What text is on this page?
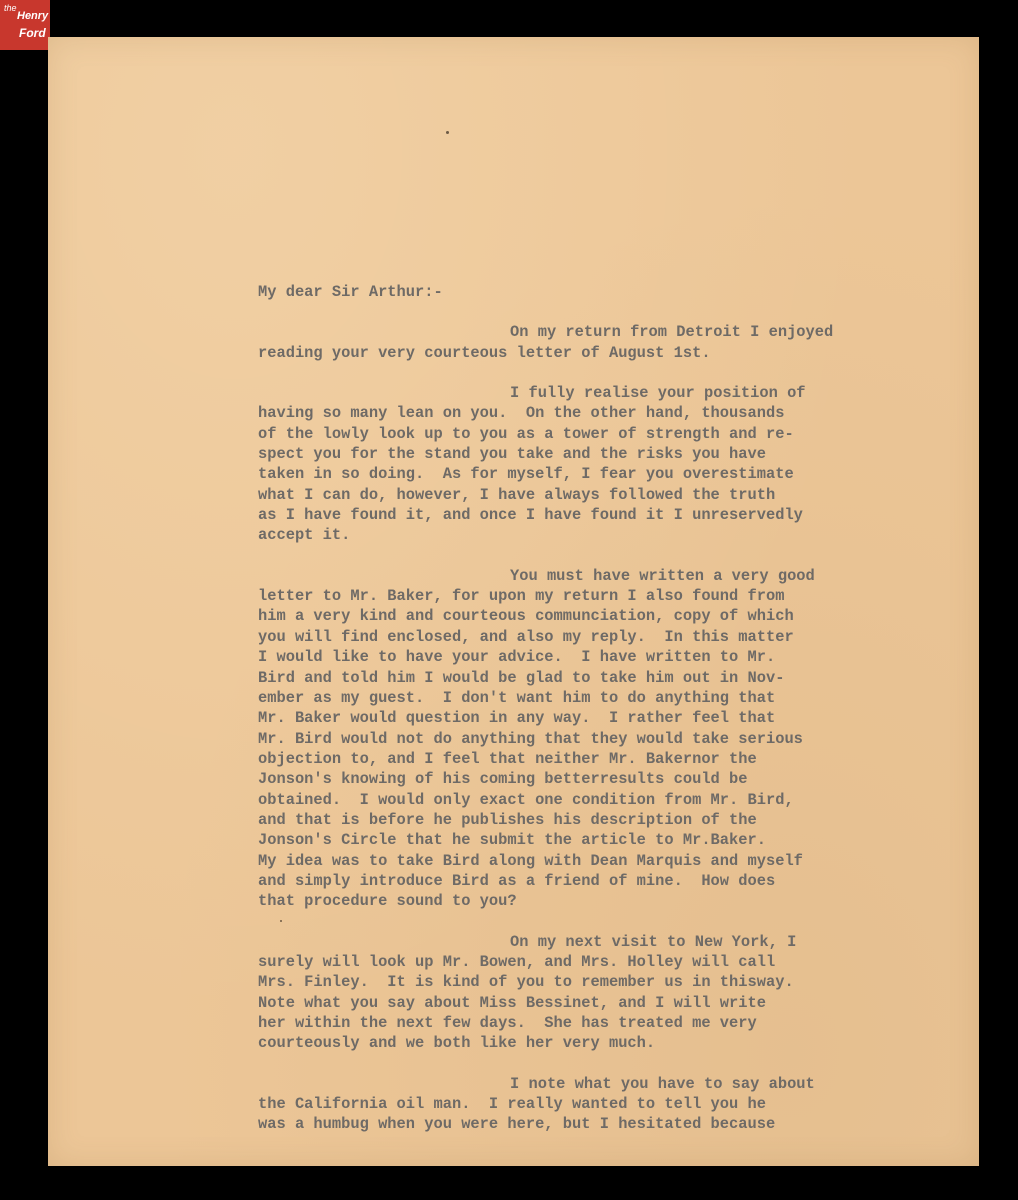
the
Henry
Ford
My dear Sir Arthur:-
On my return from Detroit I enjoyed
reading your very courteous letter of August 1st.
I fully realise your position of
having so many lean on you.  On the other hand, thousands
of the lowly look up to you as a tower of strength and re-
spect you for the stand you take and the risks you have
taken in so doing.  As for myself, I fear you overestimate
what I can do, however, I have always followed the truth
as I have found it, and once I have found it I unreservedly
accept it.
You must have written a very good
letter to Mr. Baker, for upon my return I also found from
him a very kind and courteous communciation, copy of which
you will find enclosed, and also my reply.  In this matter
I would like to have your advice.  I have written to Mr.
Bird and told him I would be glad to take him out in Nov-
ember as my guest.  I don't want him to do anything that
Mr. Baker would question in any way.  I rather feel that
Mr. Bird would not do anything that they would take serious
objection to, and I feel that neither Mr. Bakernor the
Jonson's knowing of his coming betterresults could be
obtained.  I would only exact one condition from Mr. Bird,
and that is before he publishes his description of the
Jonson's Circle that he submit the article to Mr.Baker.
My idea was to take Bird along with Dean Marquis and myself
and simply introduce Bird as a friend of mine.  How does
that procedure sound to you?
On my next visit to New York, I
surely will look up Mr. Bowen, and Mrs. Holley will call
Mrs. Finley.  It is kind of you to remember us in thisway.
Note what you say about Miss Bessinet, and I will write
her within the next few days.  She has treated me very
courteously and we both like her very much.
I note what you have to say about
the California oil man.  I really wanted to tell you he
was a humbug when you were here, but I hesitated because
